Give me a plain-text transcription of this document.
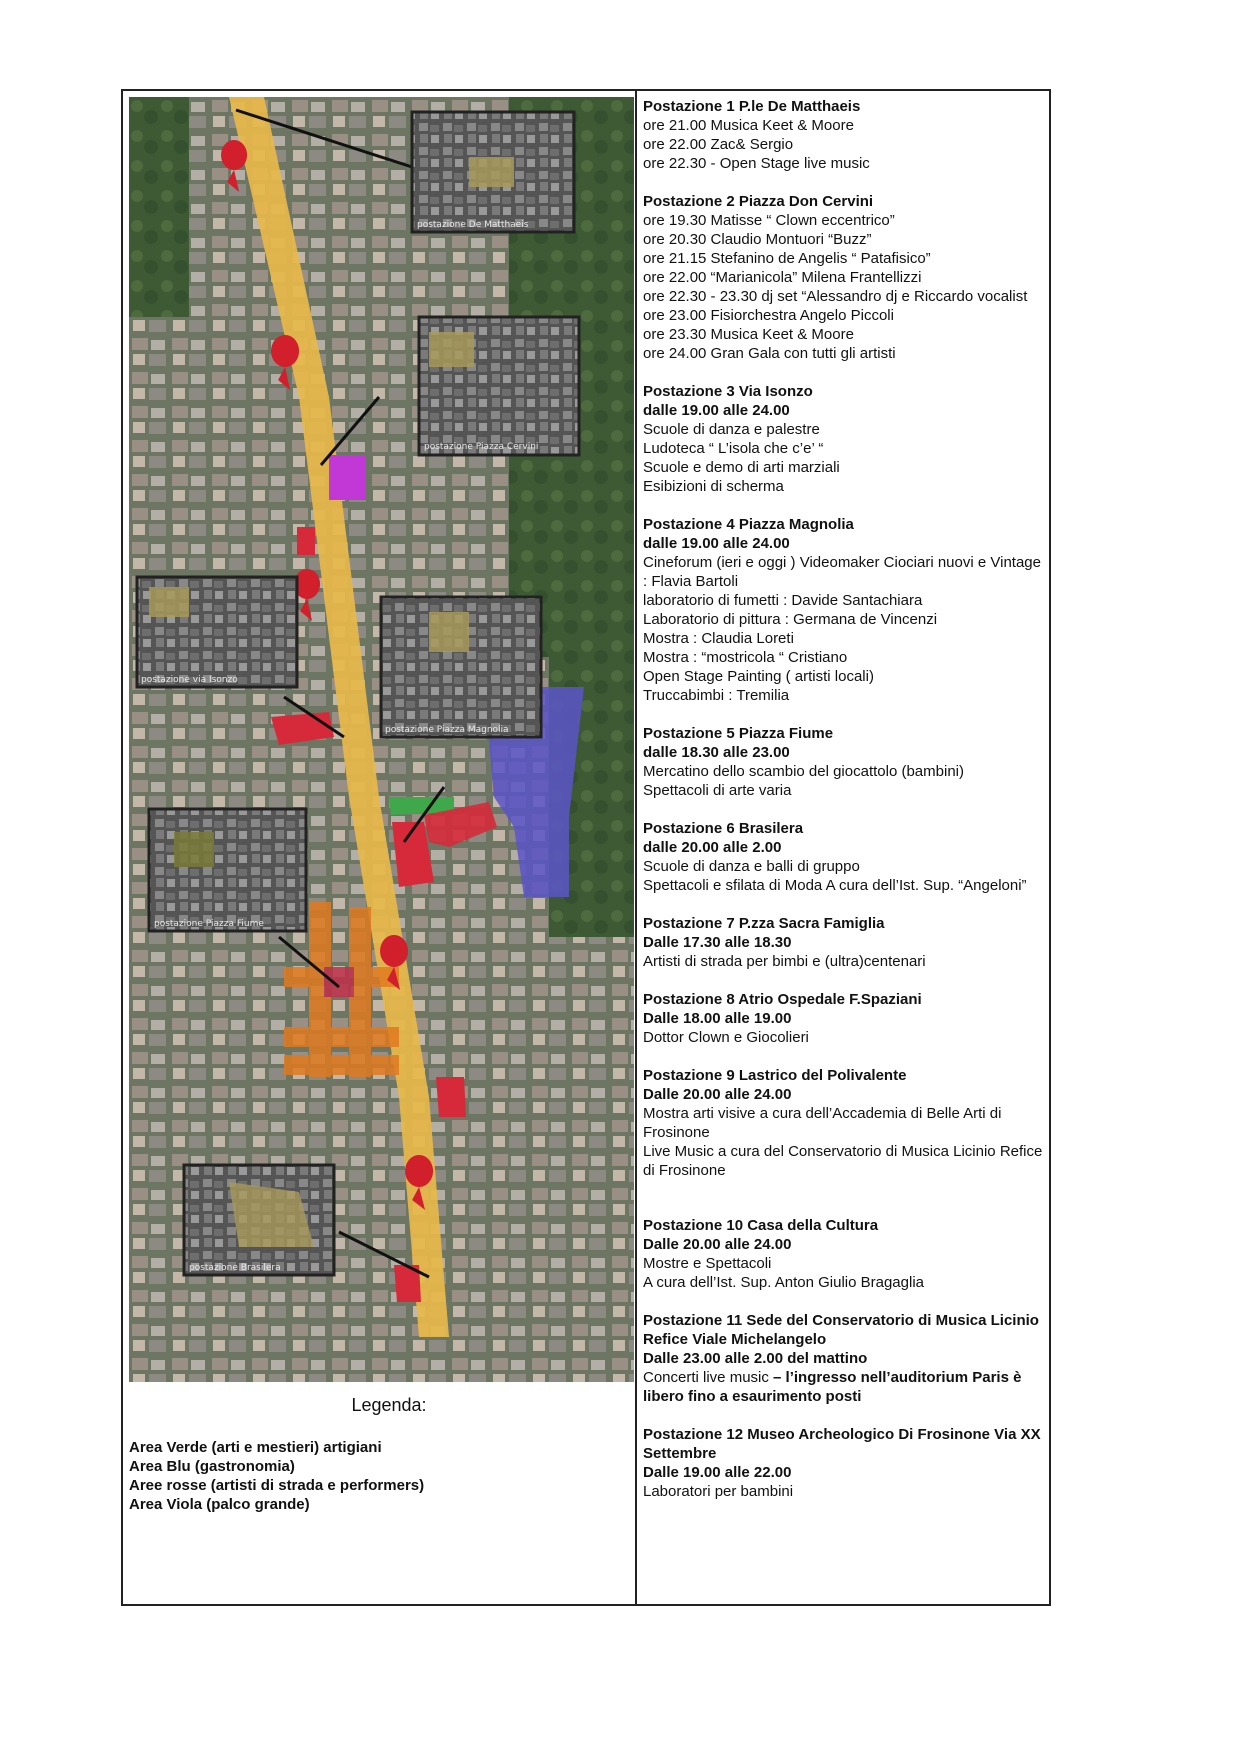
postazione De Matthaeis
postazione Piazza Cervini
postazione via Isonzo
postazione Piazza Magnolia
postazione Piazza Fiume
postazione Brasilera
Legenda:
Area Verde (arti e mestieri) artigiani
Area Blu (gastronomia)
Aree rosse (artisti di strada e performers)
Area Viola (palco grande)
Postazione 1 P.le De Matthaeis
ore 21.00 Musica Keet & Moore
ore 22.00 Zac& Sergio
ore 22.30 - Open Stage live music
Postazione 2 Piazza Don Cervini
ore 19.30 Matisse “ Clown eccentrico”
ore 20.30 Claudio Montuori “Buzz”
ore 21.15 Stefanino de Angelis “ Patafisico”
ore 22.00 “Marianicola” Milena Frantellizzi
ore 22.30 - 23.30 dj set “Alessandro dj e Riccardo vocalist
ore 23.00 Fisiorchestra Angelo Piccoli
ore 23.30 Musica Keet & Moore
ore 24.00 Gran Gala con tutti gli artisti
Postazione 3 Via Isonzo
dalle 19.00 alle 24.00
Scuole di danza e palestre
Ludoteca “ L’isola che c’e’ “
Scuole e demo di arti marziali
Esibizioni di scherma
Postazione 4 Piazza Magnolia
dalle 19.00 alle 24.00
Cineforum (ieri e oggi ) Videomaker Ciociari nuovi e Vintage : Flavia Bartoli
laboratorio di fumetti : Davide Santachiara
Laboratorio di pittura : Germana de Vincenzi
Mostra : Claudia Loreti
Mostra : “mostricola “ Cristiano
Open Stage Painting ( artisti locali)
Truccabimbi : Tremilia
Postazione 5 Piazza Fiume
dalle 18.30 alle 23.00
Mercatino dello scambio del giocattolo (bambini)
Spettacoli di arte varia
Postazione 6 Brasilera
dalle 20.00 alle 2.00
Scuole di danza e balli di gruppo
Spettacoli e sfilata di Moda A cura dell’Ist. Sup. “Angeloni”
Postazione 7 P.zza Sacra Famiglia
Dalle 17.30 alle 18.30
Artisti di strada per bimbi e (ultra)centenari
Postazione 8 Atrio Ospedale F.Spaziani
Dalle 18.00 alle 19.00
Dottor Clown e Giocolieri
Postazione 9 Lastrico del Polivalente
Dalle 20.00 alle 24.00
Mostra arti visive a cura dell’Accademia di Belle Arti di Frosinone
Live Music a cura del Conservatorio di Musica Licinio Refice di Frosinone
Postazione 10 Casa della Cultura
Dalle 20.00 alle 24.00
Mostre e Spettacoli
A cura dell’Ist. Sup. Anton Giulio Bragaglia
Postazione 11 Sede del Conservatorio di Musica Licinio Refice Viale Michelangelo
Dalle 23.00 alle 2.00 del mattino
Concerti live music – l’ingresso nell’auditorium Paris è libero fino a esaurimento posti
Postazione 12 Museo Archeologico Di Frosinone Via XX Settembre
Dalle 19.00 alle 22.00
Laboratori per bambini
